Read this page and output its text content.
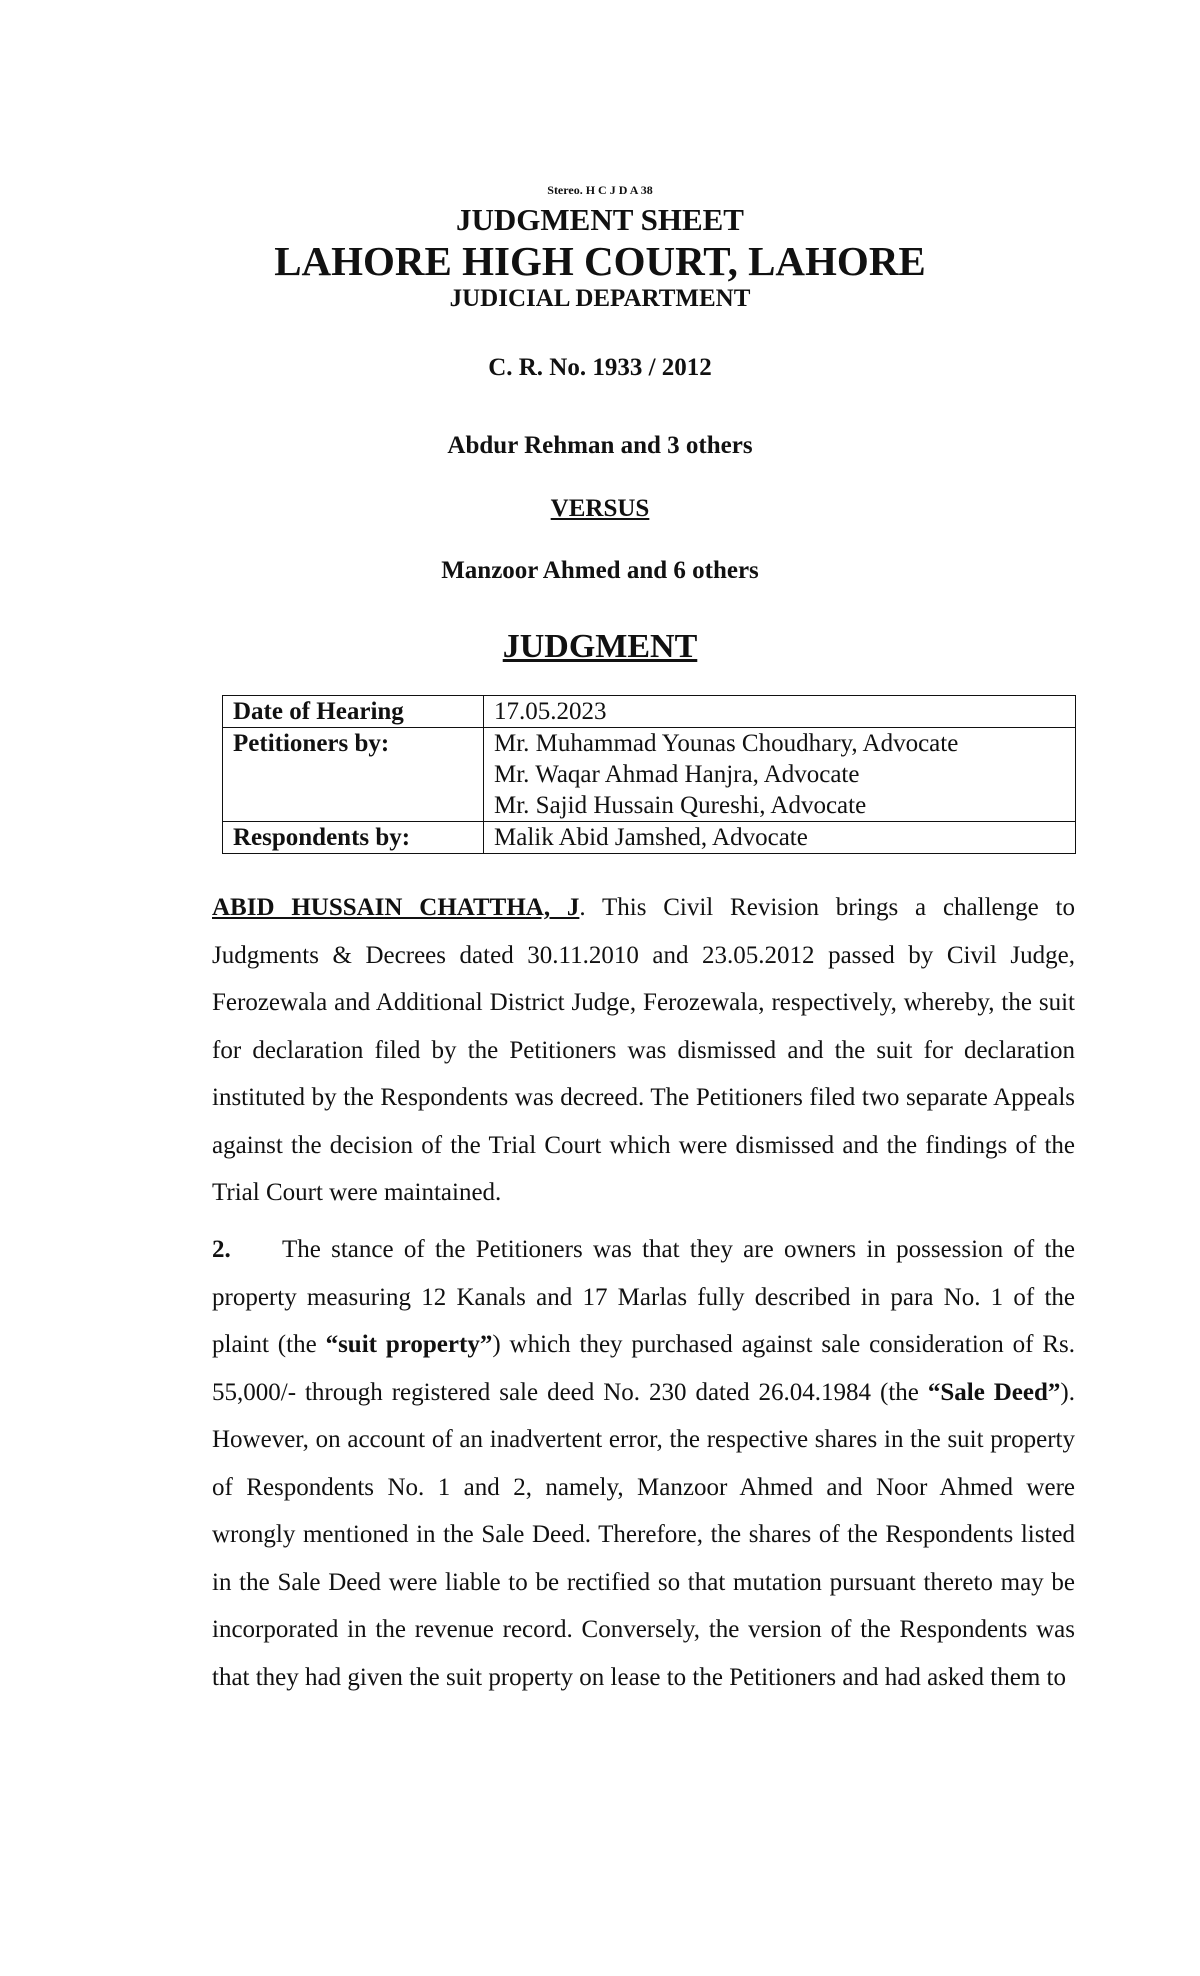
Stereo. H C J D A 38
JUDGMENT SHEET
LAHORE HIGH COURT, LAHORE
JUDICIAL DEPARTMENT
C. R. No. 1933 / 2012
Abdur Rehman and 3 others
VERSUS
Manzoor Ahmed and 6 others
JUDGMENT
Date of Hearing	17.05.2023
Petitioners by:	Mr. Muhammad Younas Choudhary, Advocate
Mr. Waqar Ahmad Hanjra, Advocate
Mr. Sajid Hussain Qureshi, Advocate

Respondents by:	Malik Abid Jamshed, Advocate
ABID HUSSAIN CHATTHA, J. This Civil Revision brings a challenge to Judgments & Decrees dated 30.11.2010 and 23.05.2012 passed by Civil Judge, Ferozewala and Additional District Judge, Ferozewala, respectively, whereby, the suit for declaration filed by the Petitioners was dismissed and the suit for declaration instituted by the Respondents was decreed. The Petitioners filed two separate Appeals against the decision of the Trial Court which were dismissed and the findings of the Trial Court were maintained.
2. The stance of the Petitioners was that they are owners in possession of the property measuring 12 Kanals and 17 Marlas fully described in para No. 1 of the plaint (the “suit property”) which they purchased against sale consideration of Rs. 55,000/- through registered sale deed No. 230 dated 26.04.1984 (the “Sale Deed”). However, on account of an inadvertent error, the respective shares in the suit property of Respondents No. 1 and 2, namely, Manzoor Ahmed and Noor Ahmed were wrongly mentioned in the Sale Deed. Therefore, the shares of the Respondents listed in the Sale Deed were liable to be rectified so that mutation pursuant thereto may be incorporated in the revenue record. Conversely, the version of the Respondents was that they had given the suit property on lease to the Petitioners and had asked them to
